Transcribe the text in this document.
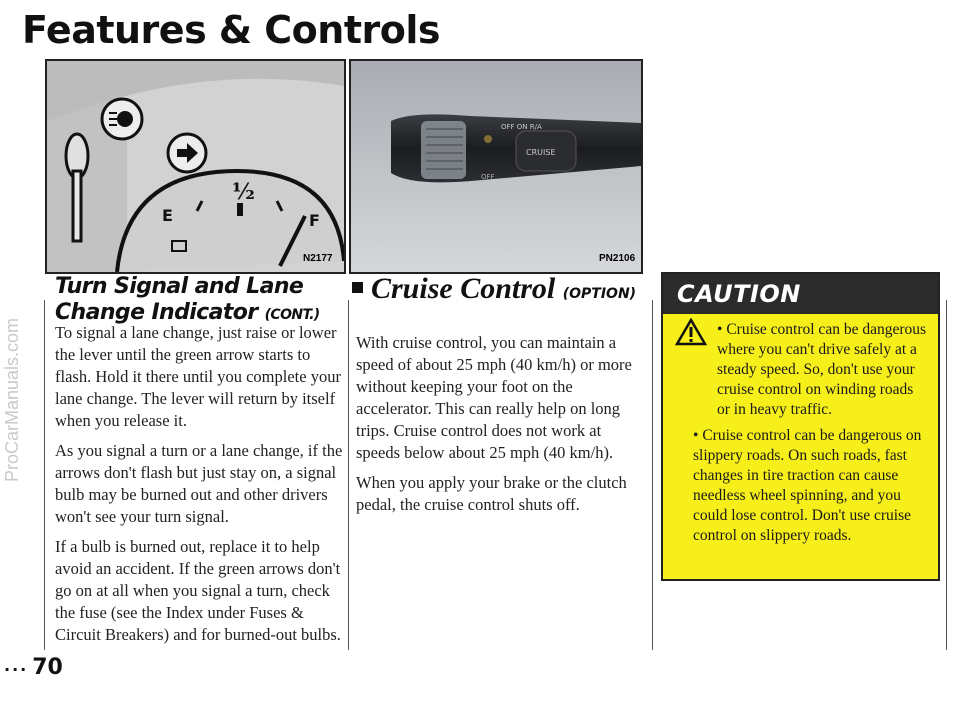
Features & Controls
ProCarManuals.com
E	F
½
N2177
CRUISE
OFF ON R/A
OFF
PN2106
Turn Signal and Lane Change Indicator (CONT.)

To signal a lane change, just raise or lower the lever until the green arrow starts to flash. Hold it there until you complete your lane change. The lever will return by itself when you release it.

As you signal a turn or a lane change, if the arrows don't flash but just stay on, a signal bulb may be burned out and other drivers won't see your turn signal.

If a bulb is burned out, replace it to help avoid an accident. If the green arrows don't go on at all when you signal a turn, check the fuse (see the Index under Fuses & Circuit Breakers) and for burned-out bulbs.

Cruise Control (OPTION)

With cruise control, you can maintain a speed of about 25 mph (40 km/h) or more without keeping your foot on the accelerator. This can really help on long trips. Cruise control does not work at speeds below about 25 mph (40 km/h).

When you apply your brake or the clutch pedal, the cruise control shuts off.

CAUTION
• Cruise control can be dangerous where you can't drive safely at a steady speed. So, don't use your cruise control on winding roads or in heavy traffic.
• Cruise control can be dangerous on slippery roads. On such roads, fast changes in tire traction can cause needless wheel spinning, and you could lose control. Don't use cruise control on slippery roads.
... 70
